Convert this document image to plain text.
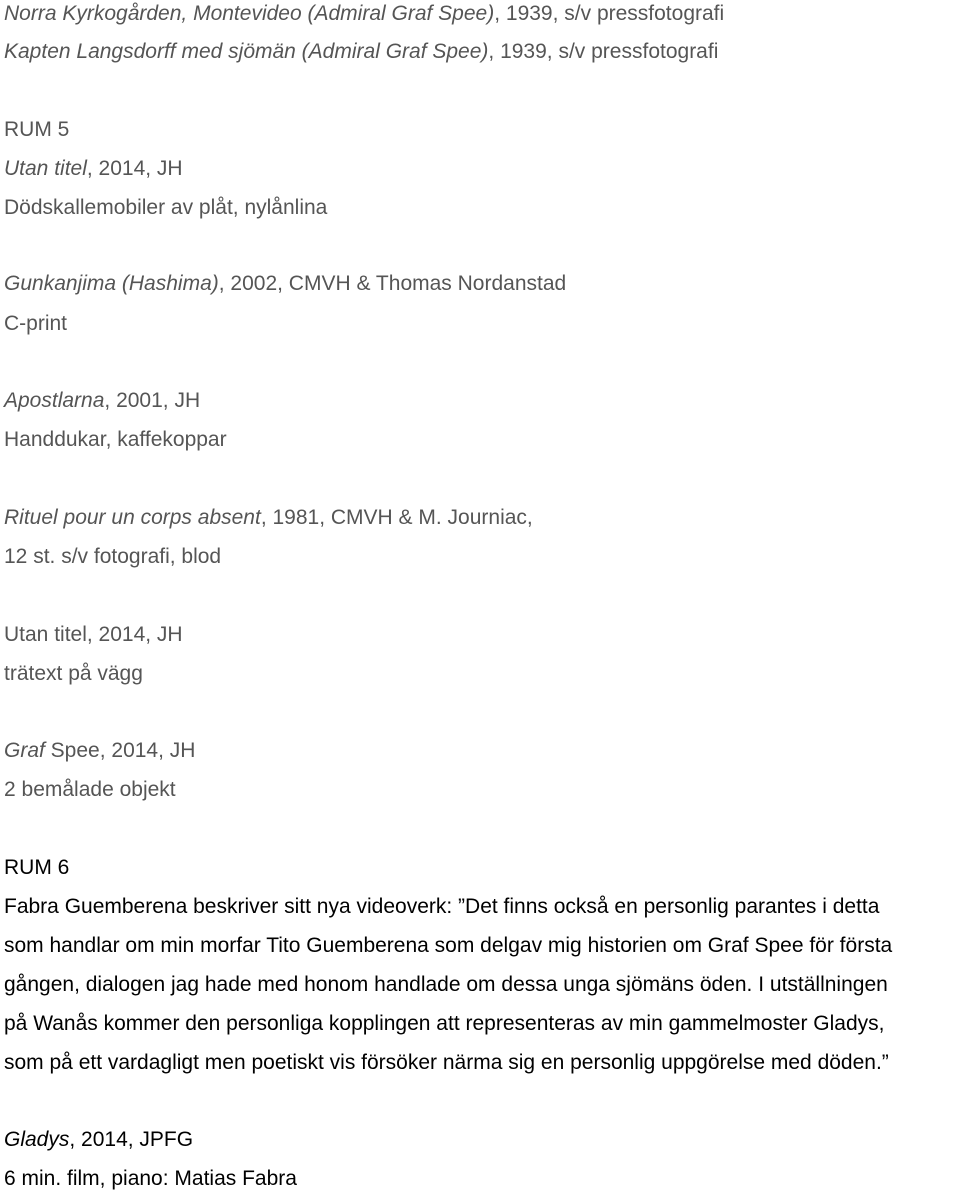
Norra Kyrkogården, Montevideo (Admiral Graf Spee), 1939, s/v pressfotografi

Kapten Langsdorff med sjömän (Admiral Graf Spee), 1939, s/v pressfotografi

RUM 5

Utan titel, 2014, JH

Dödskallemobiler av plåt, nylånlina

Gunkanjima (Hashima), 2002, CMVH & Thomas Nordanstad

C-print

Apostlarna, 2001, JH

Handdukar, kaffekoppar

Rituel pour un corps absent, 1981, CMVH & M. Journiac,

12 st. s/v fotografi, blod

Utan titel, 2014, JH

trätext på vägg

Graf Spee, 2014, JH

2 bemålade objekt

RUM 6

Fabra Guemberena beskriver sitt nya videoverk: ”Det finns också en personlig parantes i detta

som handlar om min morfar Tito Guemberena som delgav mig historien om Graf Spee för första

gången, dialogen jag hade med honom handlade om dessa unga sjömäns öden. I utställningen

på Wanås kommer den personliga kopplingen att representeras av min gammelmoster Gladys,

som på ett vardagligt men poetiskt vis försöker närma sig en personlig uppgörelse med döden.”

Gladys, 2014, JPFG

6 min. film, piano: Matias Fabra
